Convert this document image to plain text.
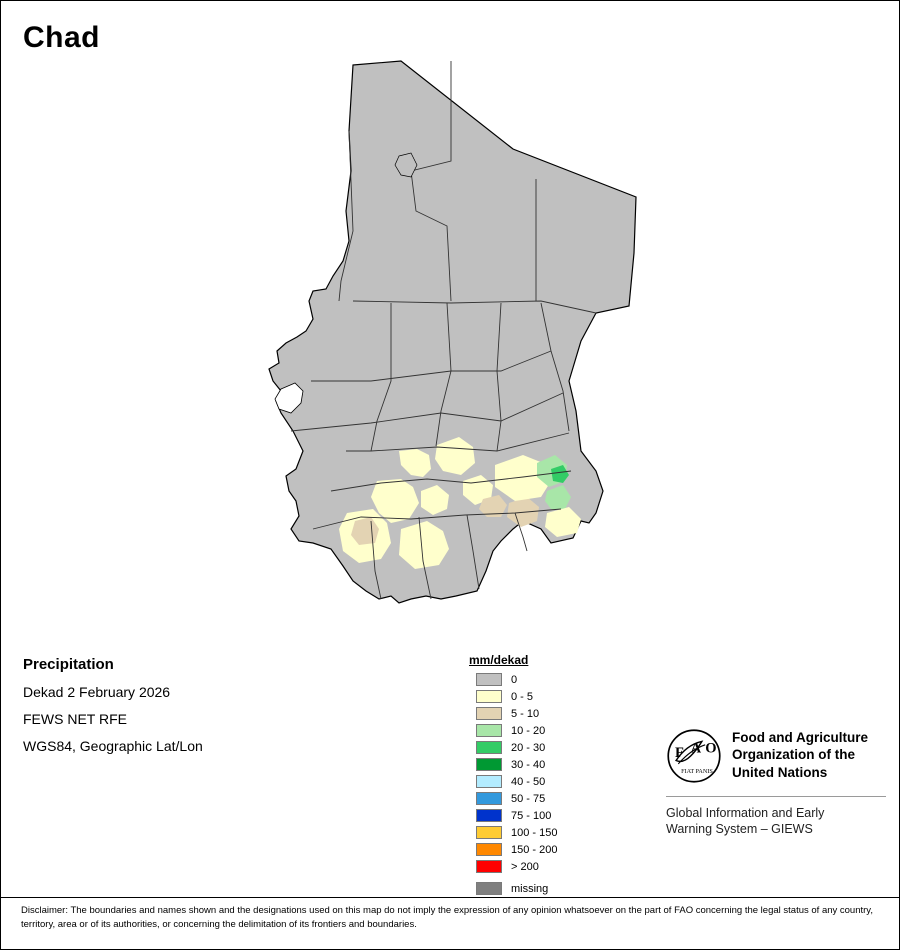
Chad
Precipitation
Dekad 2 February 2026
FEWS NET RFE
WGS84, Geographic Lat/Lon
mm/dekad
0
0 - 5
5 - 10
10 - 20
20 - 30
30 - 40
40 - 50
50 - 75
75 - 100
100 - 150
150 - 200
> 200
missing
F A O
FIAT PANIS
Food and Agriculture
Organization of the
United Nations
Global Information and Early
Warning System – GIEWS
Disclaimer: The boundaries and names shown and the designations used on this map do not imply the expression of any opinion whatsoever on the part of FAO concerning the legal status of any country, territory, area or of its authorities, or concerning the delimitation of its frontiers and boundaries.
